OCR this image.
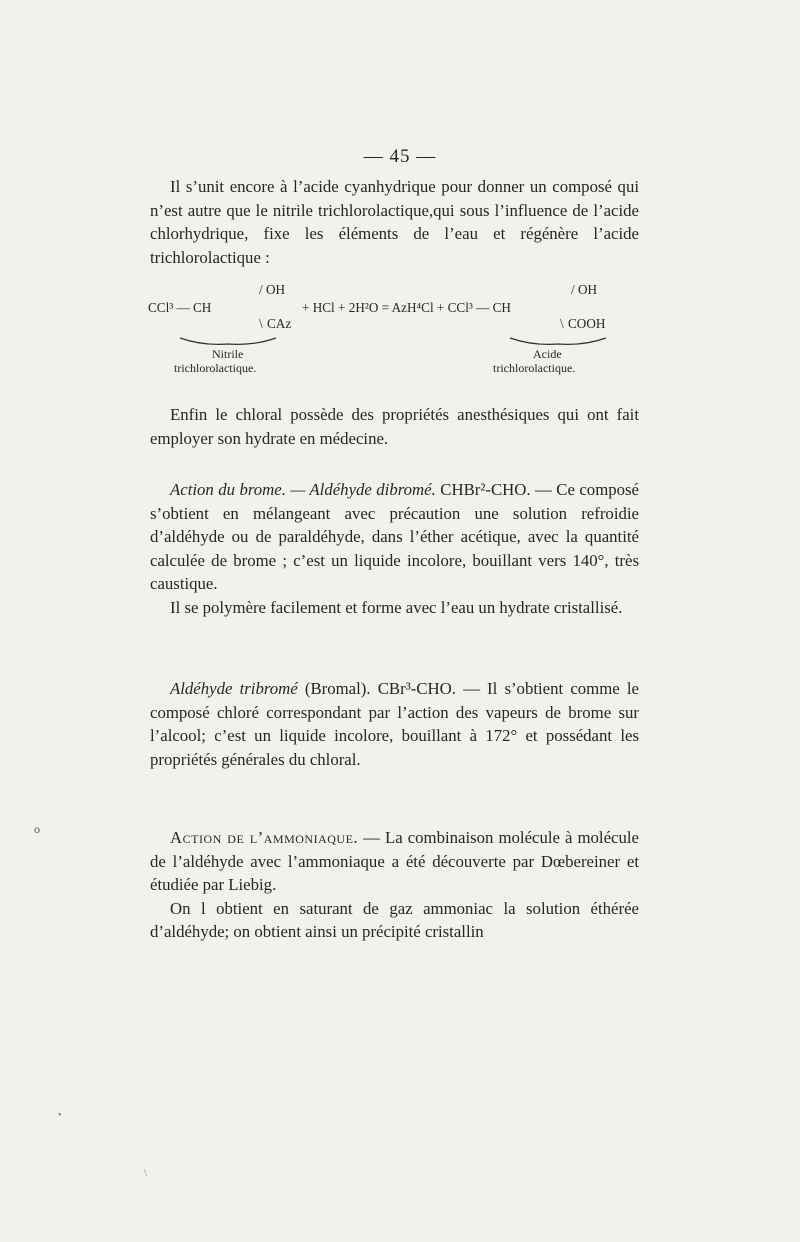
— 45 —

Il s’unit encore à l’acide cyanhydrique pour donner un composé qui n’est autre que le nitrile trichlorolactique,qui sous l’influence de l’acide chlorhydrique, fixe les éléments de l’eau et régénère l’acide trichlorolactique :

/ OH
CCl³ — CH
\ CAz
+ HCl + 2H²O = AzH⁴Cl + CCl³ — CH
/ OH
\ COOH
Nitrile
trichlorolactique.
Acide
trichlorolactique.

Enfin le chloral possède des propriétés anesthésiques qui ont fait employer son hydrate en médecine.

Action du brome. — Aldéhyde dibromé. CHBr²-CHO. — Ce composé s’obtient en mélangeant avec précaution une solution refroidie d’aldéhyde ou de paraldéhyde, dans l’éther acétique, avec la quantité calculée de brome ; c’est un liquide incolore, bouillant vers 140°, très caustique.

Il se polymère facilement et forme avec l’eau un hydrate cristallisé.

Aldéhyde tribromé (Bromal). CBr³-CHO. — Il s’obtient comme le composé chloré correspondant par l’action des vapeurs de brome sur l’alcool; c’est un liquide incolore, bouillant à 172° et possédant les propriétés générales du chloral.

Action de l’ammoniaque. — La combinaison molécule à molécule de l’aldéhyde avec l’ammoniaque a été découverte par Dœbereiner et étudiée par Liebig.

On l obtient en saturant de gaz ammoniac la solution éthérée d’aldéhyde; on obtient ainsi un précipité cristallin

o
•
\
